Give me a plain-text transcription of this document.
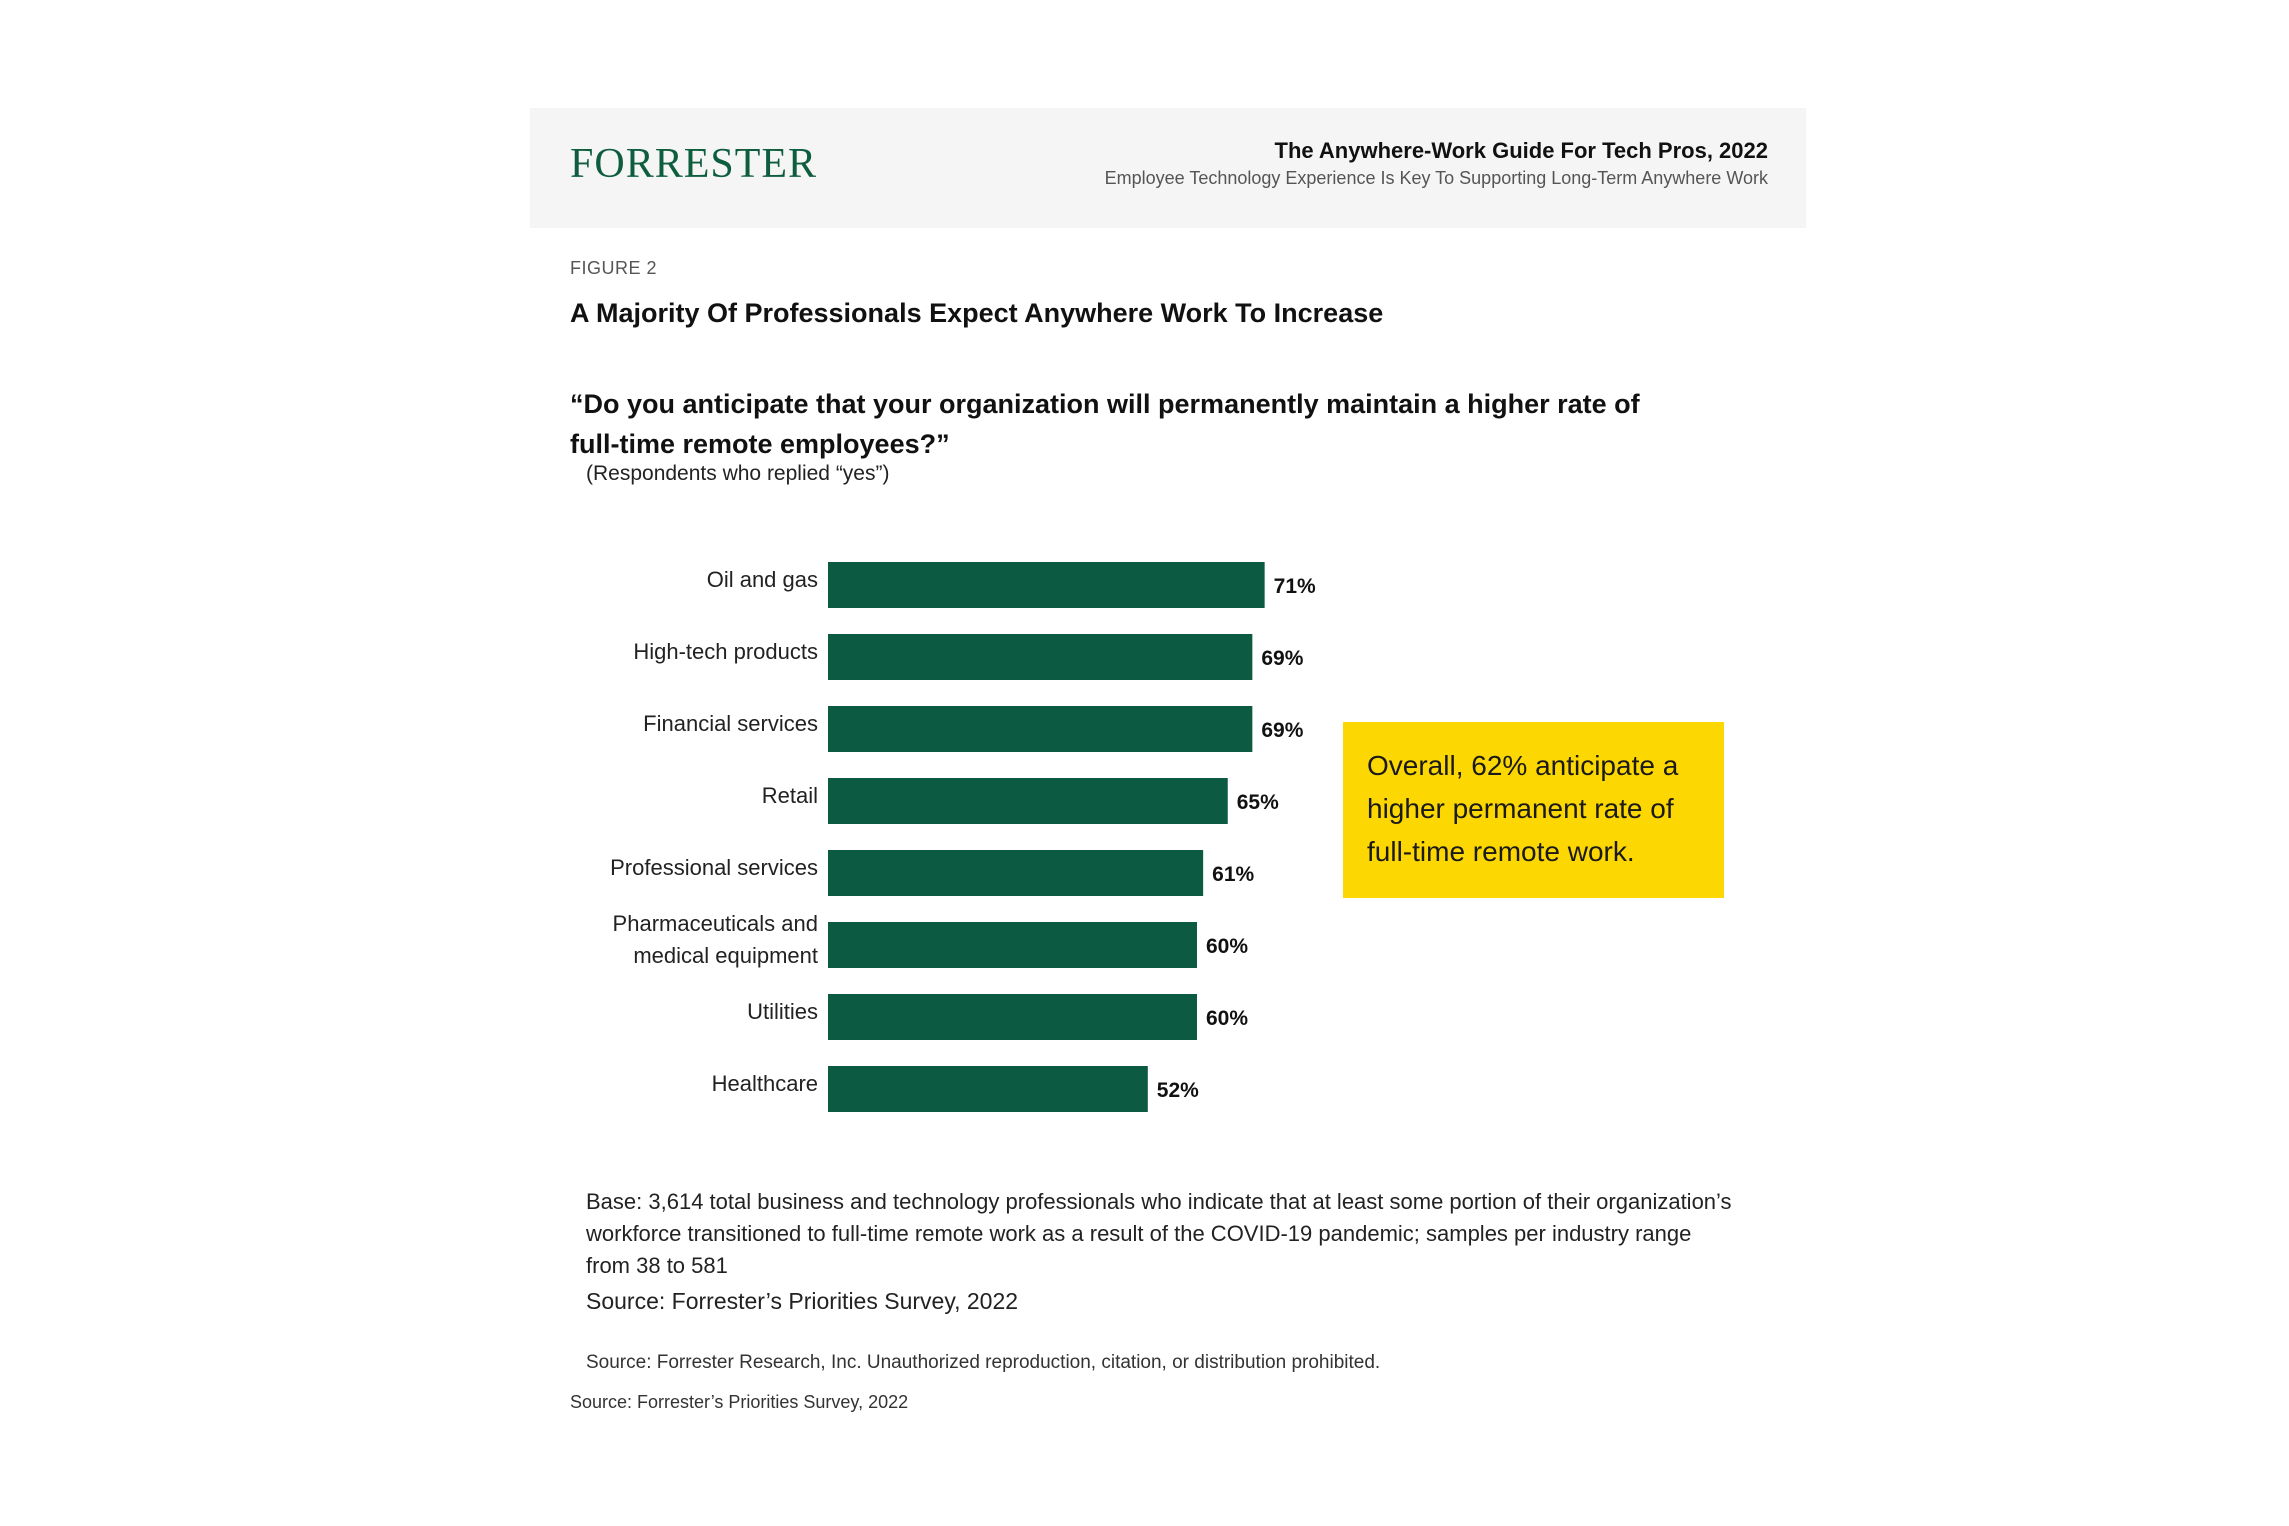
FORRESTER	The Anywhere-Work Guide For Tech Pros, 2022
Employee Technology Experience Is Key To Supporting Long-Term Anywhere Work
FIGURE 2
A Majority Of Professionals Expect Anywhere Work To Increase
“Do you anticipate that your organization will permanently maintain a higher rate of
full-time remote employees?”
(Respondents who replied “yes”)
71%
Oil and gas
69%
High-tech products
69%
Financial services
65%
Retail
61%
Professional services
60%
Pharmaceuticals and medical equipment
60%
Utilities
52%
Healthcare
Overall, 62% anticipate a higher permanent rate of full-time remote work.
Base: 3,614 total business and technology professionals who indicate that at least some portion of their organization’s workforce transitioned to full-time remote work as a result of the COVID-19 pandemic; samples per industry range from 38 to 581
Source: Forrester’s Priorities Survey, 2022
Source: Forrester Research, Inc. Unauthorized reproduction, citation, or distribution prohibited.
Source: Forrester’s Priorities Survey, 2022
